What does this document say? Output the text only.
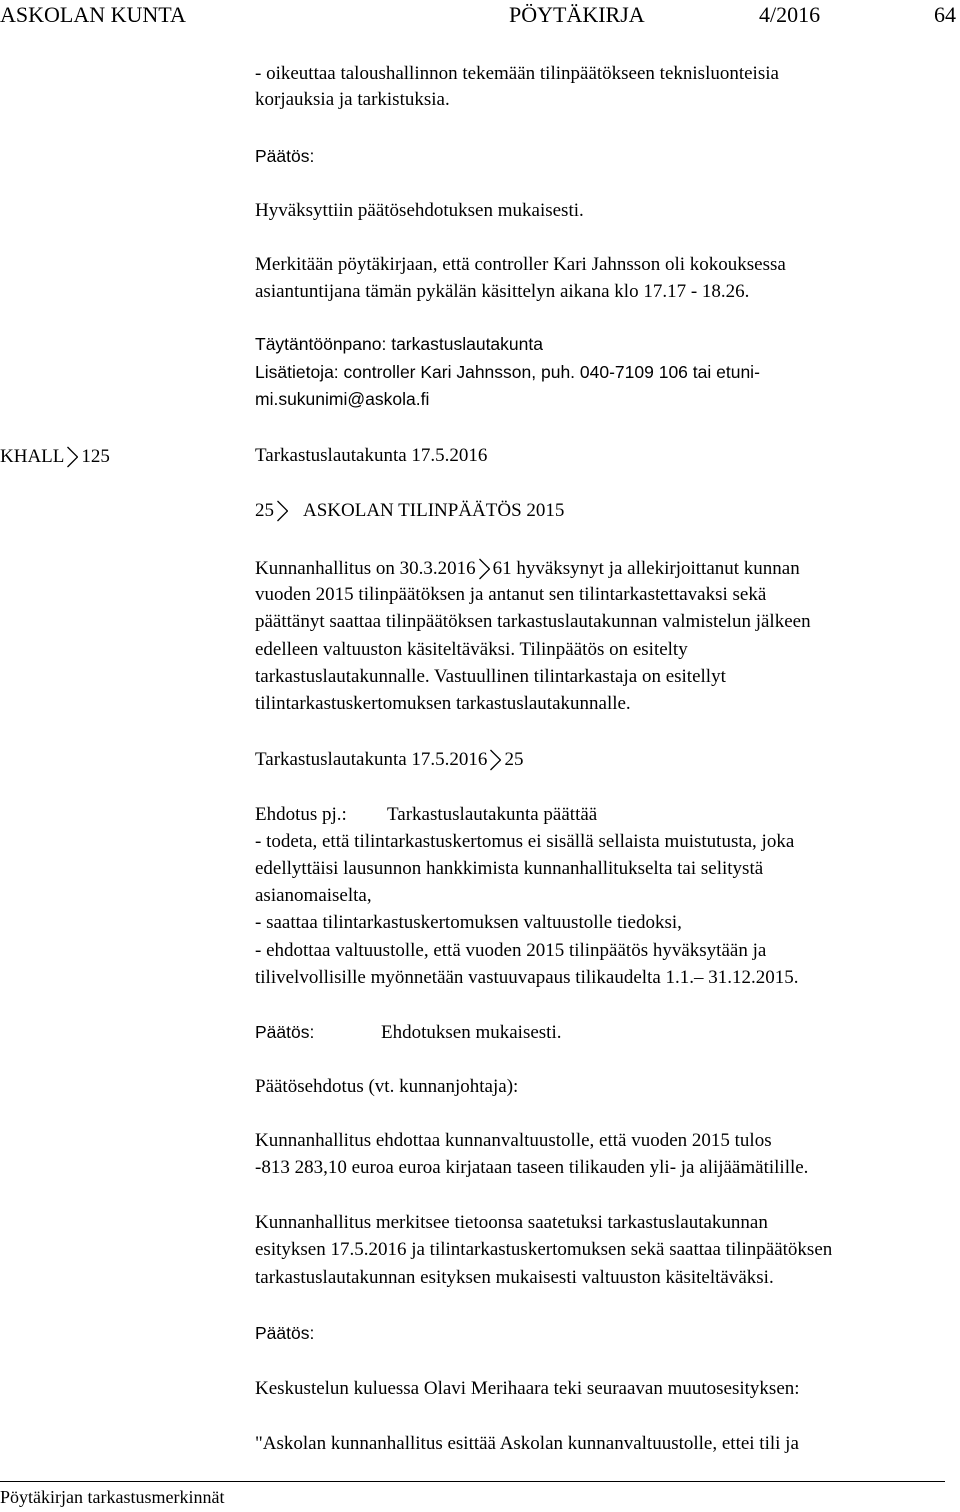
ASKOLAN KUNTA	PÖYTÄKIRJA	4/2016	64
- oikeuttaa taloushallinnon tekemään tilinpäätökseen teknisluonteisia
korjauksia ja tarkistuksia.
Päätös:
Hyväksyttiin päätösehdotuksen mukaisesti.
Merkitään pöytäkirjaan, että controller Kari Jahnsson oli kokouksessa
asiantuntijana tämän pykälän käsittelyn aikana klo 17.17 - 18.26.
Täytäntöönpano: tarkastuslautakunta
Lisätietoja: controller Kari Jahnsson, puh. 040-7109 106 tai etuni-
mi.sukunimi@askola.fi
KHALL 125	Tarkastuslautakunta 17.5.2016
25 ASKOLAN TILINPÄÄTÖS 2015
Kunnanhallitus on 30.3.2016 61 hyväksynyt ja allekirjoittanut kunnan
vuoden 2015 tilinpäätöksen ja antanut sen tilintarkastettavaksi sekä
päättänyt saattaa tilinpäätöksen tarkastuslautakunnan valmistelun jälkeen
edelleen valtuuston käsiteltäväksi. Tilinpäätös on esitelty
tarkastuslautakunnalle. Vastuullinen tilintarkastaja on esitellyt
tilintarkastuskertomuksen tarkastuslautakunnalle.
Tarkastuslautakunta 17.5.2016 25
Ehdotus pj.: Tarkastuslautakunta päättää
- todeta, että tilintarkastuskertomus ei sisällä sellaista muistutusta, joka
edellyttäisi lausunnon hankkimista kunnanhallitukselta tai selitystä
asianomaiselta,
- saattaa tilintarkastuskertomuksen valtuustolle tiedoksi,
- ehdottaa valtuustolle, että vuoden 2015 tilinpäätös hyväksytään ja
tilivelvollisille myönnetään vastuuvapaus tilikaudelta 1.1.– 31.12.2015.
Päätös:	Ehdotuksen mukaisesti.
Päätösehdotus (vt. kunnanjohtaja):
Kunnanhallitus ehdottaa kunnanvaltuustolle, että vuoden 2015 tulos
-813 283,10 euroa euroa kirjataan taseen tilikauden yli- ja alijäämätilille.
Kunnanhallitus merkitsee tietoonsa saatetuksi tarkastuslautakunnan
esityksen 17.5.2016 ja tilintarkastuskertomuksen sekä saattaa tilinpäätöksen
tarkastuslautakunnan esityksen mukaisesti valtuuston käsiteltäväksi.
Päätös:
Keskustelun kuluessa Olavi Merihaara teki seuraavan muutosesityksen:
"Askolan kunnanhallitus esittää Askolan kunnanvaltuustolle, ettei tili ja
Pöytäkirjan tarkastusmerkinnät
